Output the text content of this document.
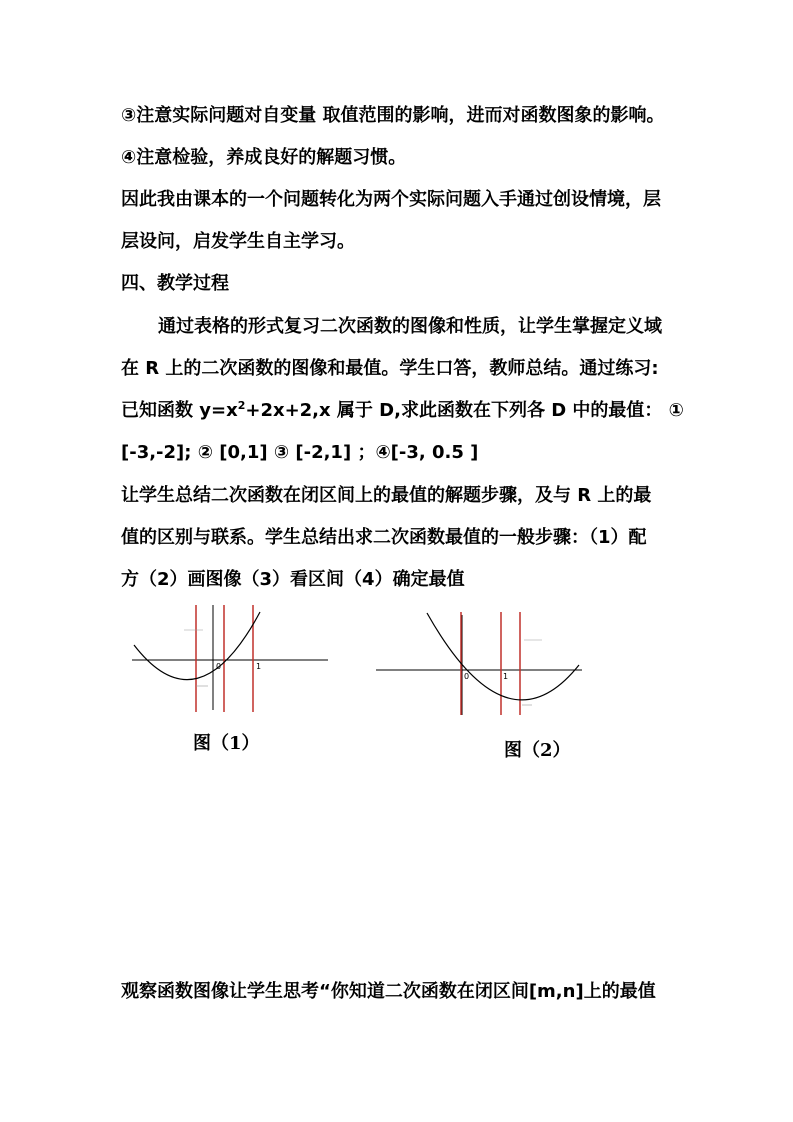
③注意实际问题对自变量 取值范围的影响，进而对函数图象的影响。
④注意检验，养成良好的解题习惯。
因此我由课本的一个问题转化为两个实际问题入手通过创设情境，层
层设问，启发学生自主学习。
四、教学过程
通过表格的形式复习二次函数的图像和性质，让学生掌握定义域
在 R 上的二次函数的图像和最值。学生口答，教师总结。通过练习:
已知函数 $y=x^2+2x+2,x$ 属于 D,求此函数在下列各 D 中的最值： ①
[-3,-2]; ② [0,1] ③ [-2,1] ；④[-3, 0.5 ]
让学生总结二次函数在闭区间上的最值的解题步骤，及与 R 上的最
值的区别与联系。学生总结出求二次函数最值的一般步骤：（1）配
方（2）画图像（3）看区间（4）确定最值
0	1
图（1）
0	1
图（2）
观察函数图像让学生思考“你知道二次函数在闭区间[m,n]上的最值
